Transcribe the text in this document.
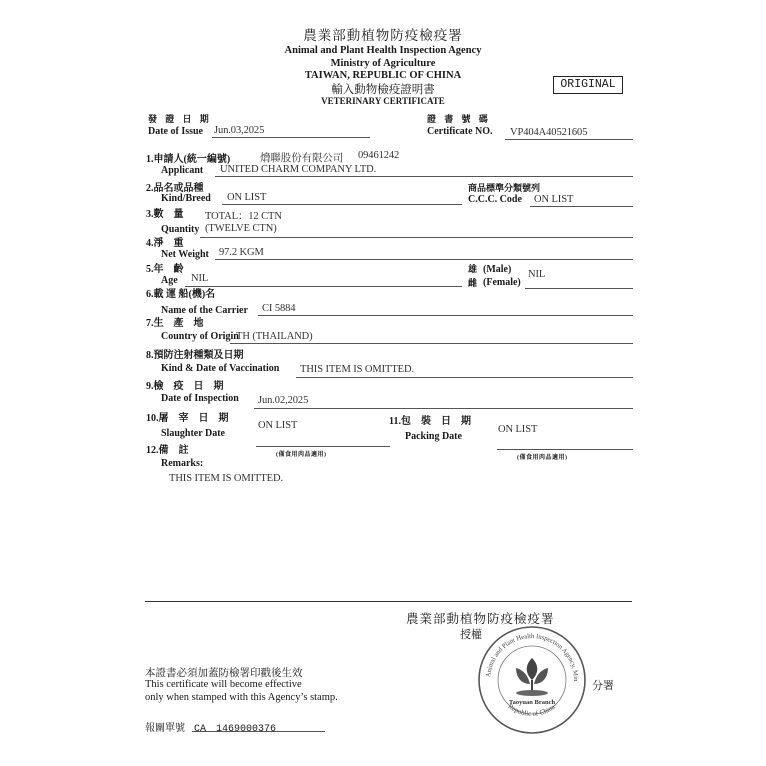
農業部動植物防疫檢疫署
Animal and Plant Health Inspection Agency
Ministry of Agriculture
TAIWAN, REPUBLIC OF CHINA
輸入動物檢疫證明書
VETERINARY CERTIFICATE
ORIGINAL
發 證 日 期
Date of Issue Jun.03,2025
證 書 號 碼
Certificate NO. VP404A40521605
1.申請人(統一編號)	熁聯股份有限公司 09461242
Applicant UNITED CHARM COMPANY LTD.
2.品名或品種
Kind/Breed ON LIST
商品標準分類號列
C.C.C. Code ON LIST
3.數　量 TOTAL：12 CTN
Quantity (TWELVE CTN)
4.淨　重
Net Weight 97.2 KGM
5.年　齡
Age NIL
雄
雌
(Male)
(Female)
NIL
6.載 運 船(機)名
Name of the Carrier CI 5884
7.生　產　地
Country of Origin
TH (THAILAND)
8.預防注射種類及日期
Kind & Date of Vaccination THIS ITEM IS OMITTED.
9.檢　疫　日　期
Date of Inspection Jun.02,2025
10.屠　宰　日　期
ON LIST
Slaughter Date
(僅食用肉品適用)
11.包　裝　日　期
Packing Date
ON LIST
(僅食用肉品適用)
12.備　註
Remarks:
THIS ITEM IS OMITTED.
農業部動植物防疫檢疫署
授權
分署
本證書必須加蓋防檢署印戳後生效
This certificate will become effective
only when stamped with this Agency’s stamp.
報關單號 CA　1469000376
Animal and Plant Health Inspection Agency, Min
Republic of China
Taoyuan Branch
